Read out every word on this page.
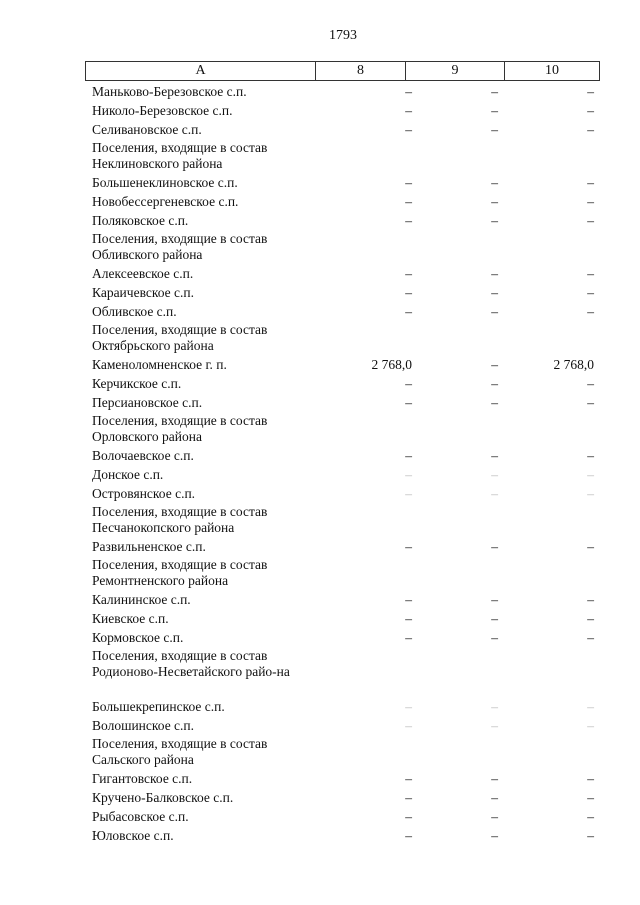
1793
А	8	9	10
Маньково-Березовское с.п.	–	–	–
Николо-Березовское с.п.	–	–	–
Селивановское с.п.	–	–	–
Поселения, входящие в состав Неклиновского района
Большенеклиновское с.п.	–	–	–
Новобессергеневское с.п.	–	–	–
Поляковское с.п.	–	–	–
Поселения, входящие в состав Обливского района
Алексеевское с.п.	–	–	–
Караичевское с.п.	–	–	–
Обливское с.п.	–	–	–
Поселения, входящие в состав Октябрьского района
Каменоломненское г. п.	2 768,0	–	2 768,0
Керчикское с.п.	–	–	–
Персиановское с.п.	–	–	–
Поселения, входящие в состав Орловского района
Волочаевское с.п.	–	–	–
Донское с.п.	–	–	–
Островянское с.п.	–	–	–
Поселения, входящие в состав Песчанокопского района
Развильненское с.п.	–	–	–
Поселения, входящие в состав Ремонтненского района
Калининское с.п.	–	–	–
Киевское с.п.	–	–	–
Кормовское с.п.	–	–	–
Поселения, входящие в состав Родионово-Несветайского райо-на
Большекрепинское с.п.	–	–	–
Волошинское с.п.	–	–	–
Поселения, входящие в состав Сальского района
Гигантовское с.п.	–	–	–
Кручено-Балковское с.п.	–	–	–
Рыбасовское с.п.	–	–	–
Юловское с.п.	–	–	–
